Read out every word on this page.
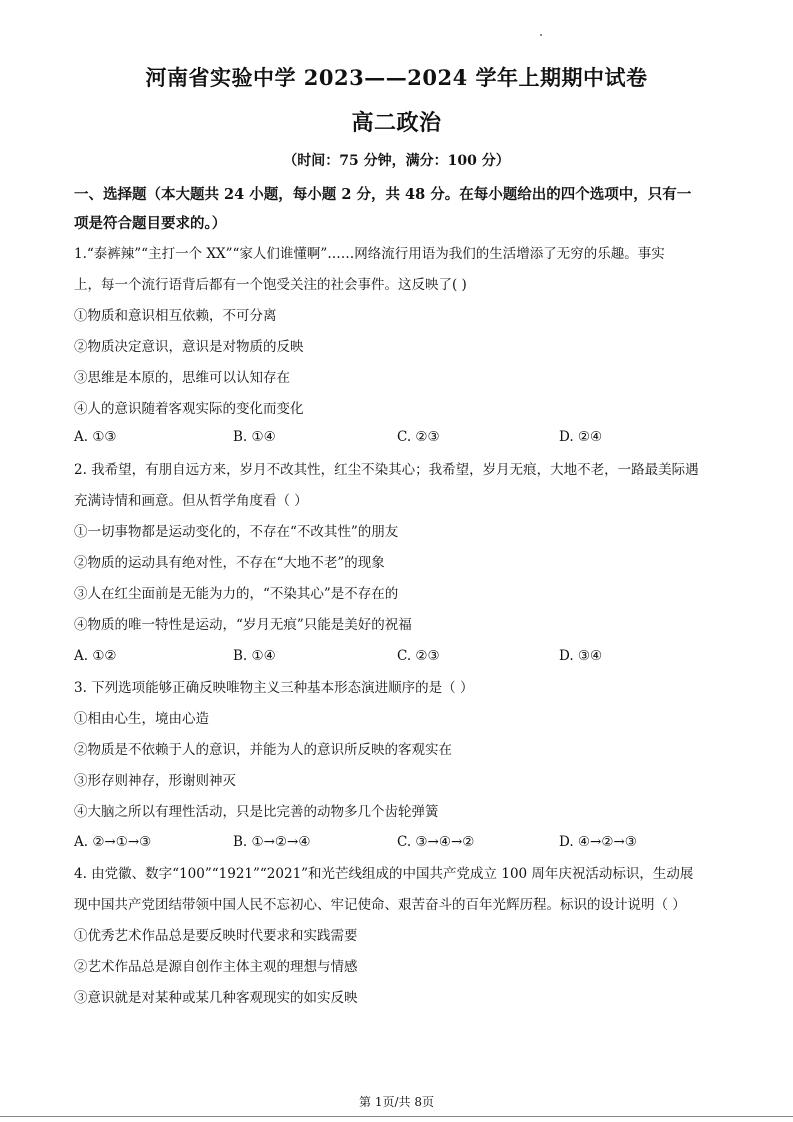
河南省实验中学 2023——2024 学年上期期中试卷
高二政治
（时间：75 分钟，满分：100 分）
一、选择题（本大题共 24 小题，每小题 2 分，共 48 分。在每小题给出的四个选项中，只有一
项是符合题目要求的。）
1.“泰裤辣”“主打一个 XX”“家人们谁懂啊”……网络流行用语为我们的生活增添了无穷的乐趣。事实
上，每一个流行语背后都有一个饱受关注的社会事件。这反映了( )
①物质和意识相互依赖，不可分离
②物质决定意识，意识是对物质的反映
③思维是本原的，思维可以认知存在
④人的意识随着客观实际的变化而变化
A. ①③	B. ①④	C. ②③	D. ②④
2. 我希望，有朋自远方来，岁月不改其性，红尘不染其心；我希望，岁月无痕，大地不老，一路最美际遇
充满诗情和画意。但从哲学角度看（ ）
①一切事物都是运动变化的，不存在“不改其性”的朋友
②物质的运动具有绝对性，不存在“大地不老”的现象
③人在红尘面前是无能为力的，“不染其心”是不存在的
④物质的唯一特性是运动，“岁月无痕”只能是美好的祝福
A. ①②	B. ①④	C. ②③	D. ③④
3. 下列选项能够正确反映唯物主义三种基本形态演进顺序的是（ ）
①相由心生，境由心造
②物质是不依赖于人的意识，并能为人的意识所反映的客观实在
③形存则神存，形谢则神灭
④大脑之所以有理性活动，只是比完善的动物多几个齿轮弹簧
A. ②→①→③	B. ①→②→④	C. ③→④→②	D. ④→②→③
4. 由党徽、数字“100”“1921”“2021”和光芒线组成的中国共产党成立 100 周年庆祝活动标识，生动展
现中国共产党团结带领中国人民不忘初心、牢记使命、艰苦奋斗的百年光辉历程。标识的设计说明（ ）
①优秀艺术作品总是要反映时代要求和实践需要
②艺术作品总是源自创作主体主观的理想与情感
③意识就是对某种或某几种客观现实的如实反映
第 1页/共 8页
